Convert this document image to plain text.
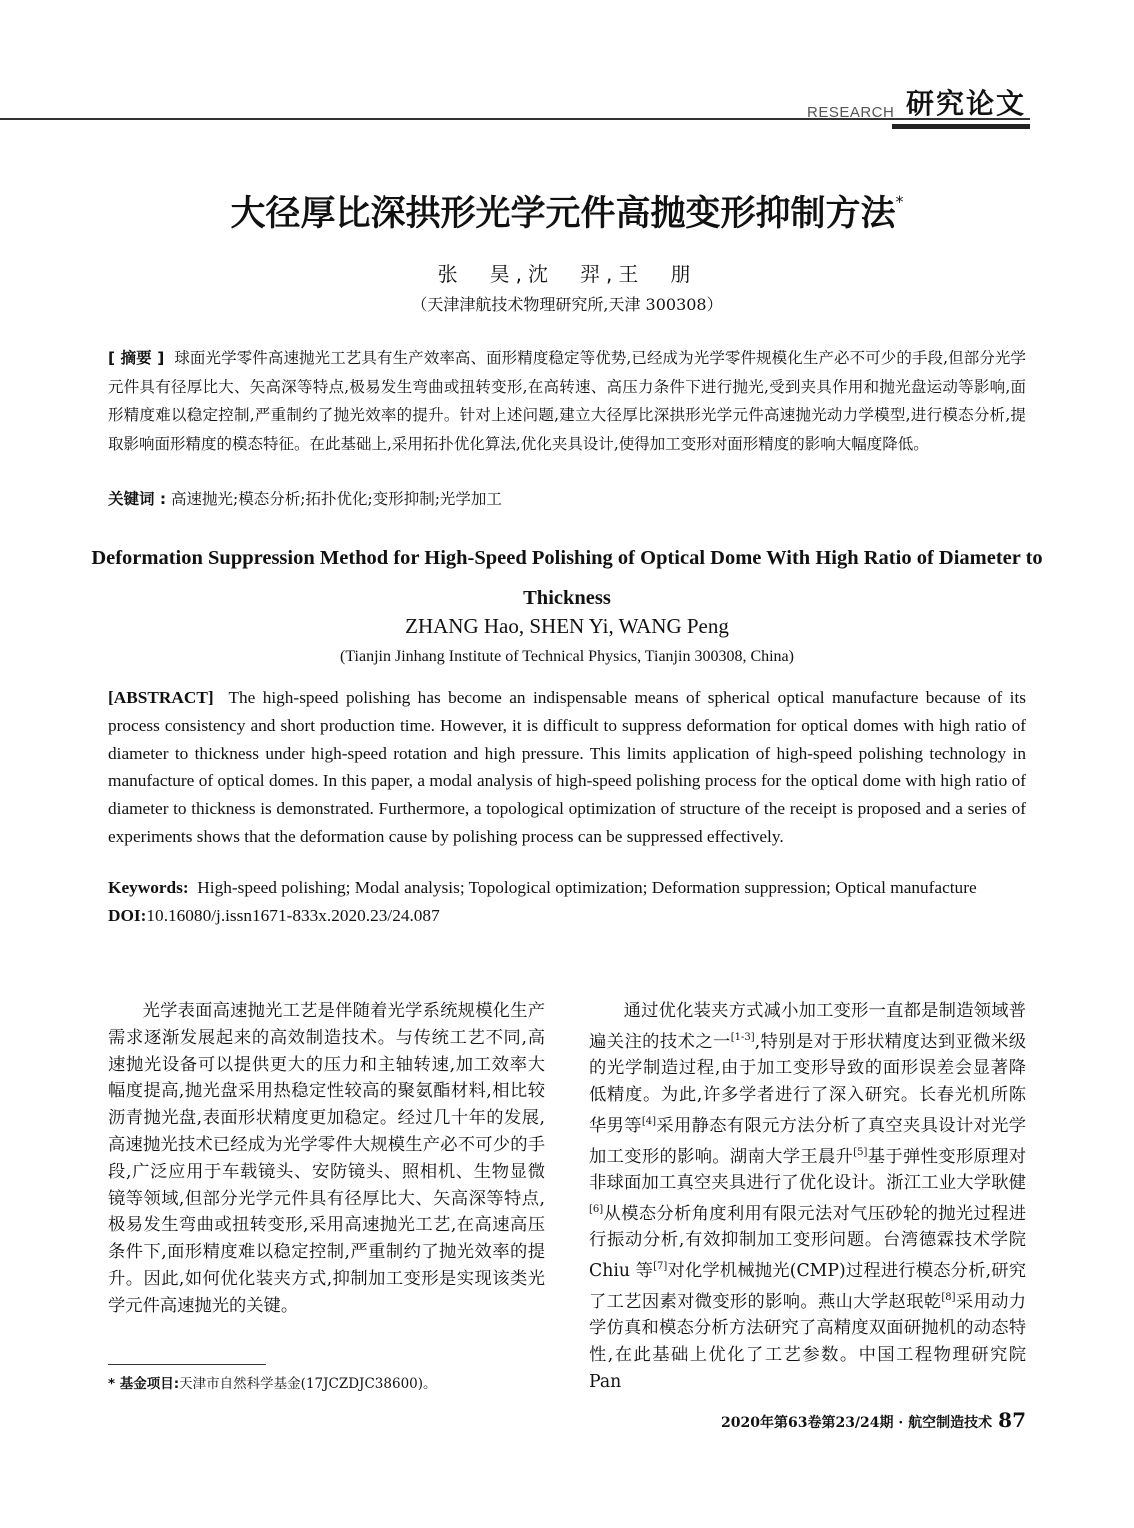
RESEARCH 研究论文
大径厚比深拱形光学元件高抛变形抑制方法*
张　昊,沈　羿,王　朋
（天津津航技术物理研究所,天津 300308）
[ 摘要 ] 球面光学零件高速抛光工艺具有生产效率高、面形精度稳定等优势,已经成为光学零件规模化生产必不可少的手段,但部分光学元件具有径厚比大、矢高深等特点,极易发生弯曲或扭转变形,在高转速、高压力条件下进行抛光,受到夹具作用和抛光盘运动等影响,面形精度难以稳定控制,严重制约了抛光效率的提升。针对上述问题,建立大径厚比深拱形光学元件高速抛光动力学模型,进行模态分析,提取影响面形精度的模态特征。在此基础上,采用拓扑优化算法,优化夹具设计,使得加工变形对面形精度的影响大幅度降低。
关键词 : 高速抛光;模态分析;拓扑优化;变形抑制;光学加工
Deformation Suppression Method for High-Speed Polishing of Optical Dome With High Ratio of Diameter to Thickness
ZHANG Hao, SHEN Yi, WANG Peng
(Tianjin Jinhang Institute of Technical Physics, Tianjin 300308, China)
[ABSTRACT] The high-speed polishing has become an indispensable means of spherical optical manufacture because of its process consistency and short production time. However, it is difficult to suppress deformation for optical domes with high ratio of diameter to thickness under high-speed rotation and high pressure. This limits application of high-speed polishing technology in manufacture of optical domes. In this paper, a modal analysis of high-speed polishing process for the optical dome with high ratio of diameter to thickness is demonstrated. Furthermore, a topological optimization of structure of the receipt is proposed and a series of experiments shows that the deformation cause by polishing process can be suppressed effectively.
Keywords: High-speed polishing; Modal analysis; Topological optimization; Deformation suppression; Optical manufacture
DOI:10.16080/j.issn1671-833x.2020.23/24.087

光学表面高速抛光工艺是伴随着光学系统规模化生产需求逐渐发展起来的高效制造技术。与传统工艺不同,高速抛光设备可以提供更大的压力和主轴转速,加工效率大幅度提高,抛光盘采用热稳定性较高的聚氨酯材料,相比较沥青抛光盘,表面形状精度更加稳定。经过几十年的发展,高速抛光技术已经成为光学零件大规模生产必不可少的手段,广泛应用于车载镜头、安防镜头、照相机、生物显微镜等领域,但部分光学元件具有径厚比大、矢高深等特点,极易发生弯曲或扭转变形,采用高速抛光工艺,在高速高压条件下,面形精度难以稳定控制,严重制约了抛光效率的提升。因此,如何优化装夹方式,抑制加工变形是实现该类光学元件高速抛光的关键。

通过优化装夹方式减小加工变形一直都是制造领域普遍关注的技术之一[1-3],特别是对于形状精度达到亚微米级的光学制造过程,由于加工变形导致的面形误差会显著降低精度。为此,许多学者进行了深入研究。长春光机所陈华男等[4]采用静态有限元方法分析了真空夹具设计对光学加工变形的影响。湖南大学王晨升[5]基于弹性变形原理对非球面加工真空夹具进行了优化设计。浙江工业大学耿健[6]从模态分析角度利用有限元法对气压砂轮的抛光过程进行振动分析,有效抑制加工变形问题。台湾德霖技术学院 Chiu 等[7]对化学机械抛光(CMP)过程进行模态分析,研究了工艺因素对微变形的影响。燕山大学赵珉乾[8]采用动力学仿真和模态分析方法研究了高精度双面研抛机的动态特性,在此基础上优化了工艺参数。中国工程物理研究院 Pan

* 基金项目:天津市自然科学基金(17JCZDJC38600)。
2020年第63卷第23/24期 · 航空制造技术 87
